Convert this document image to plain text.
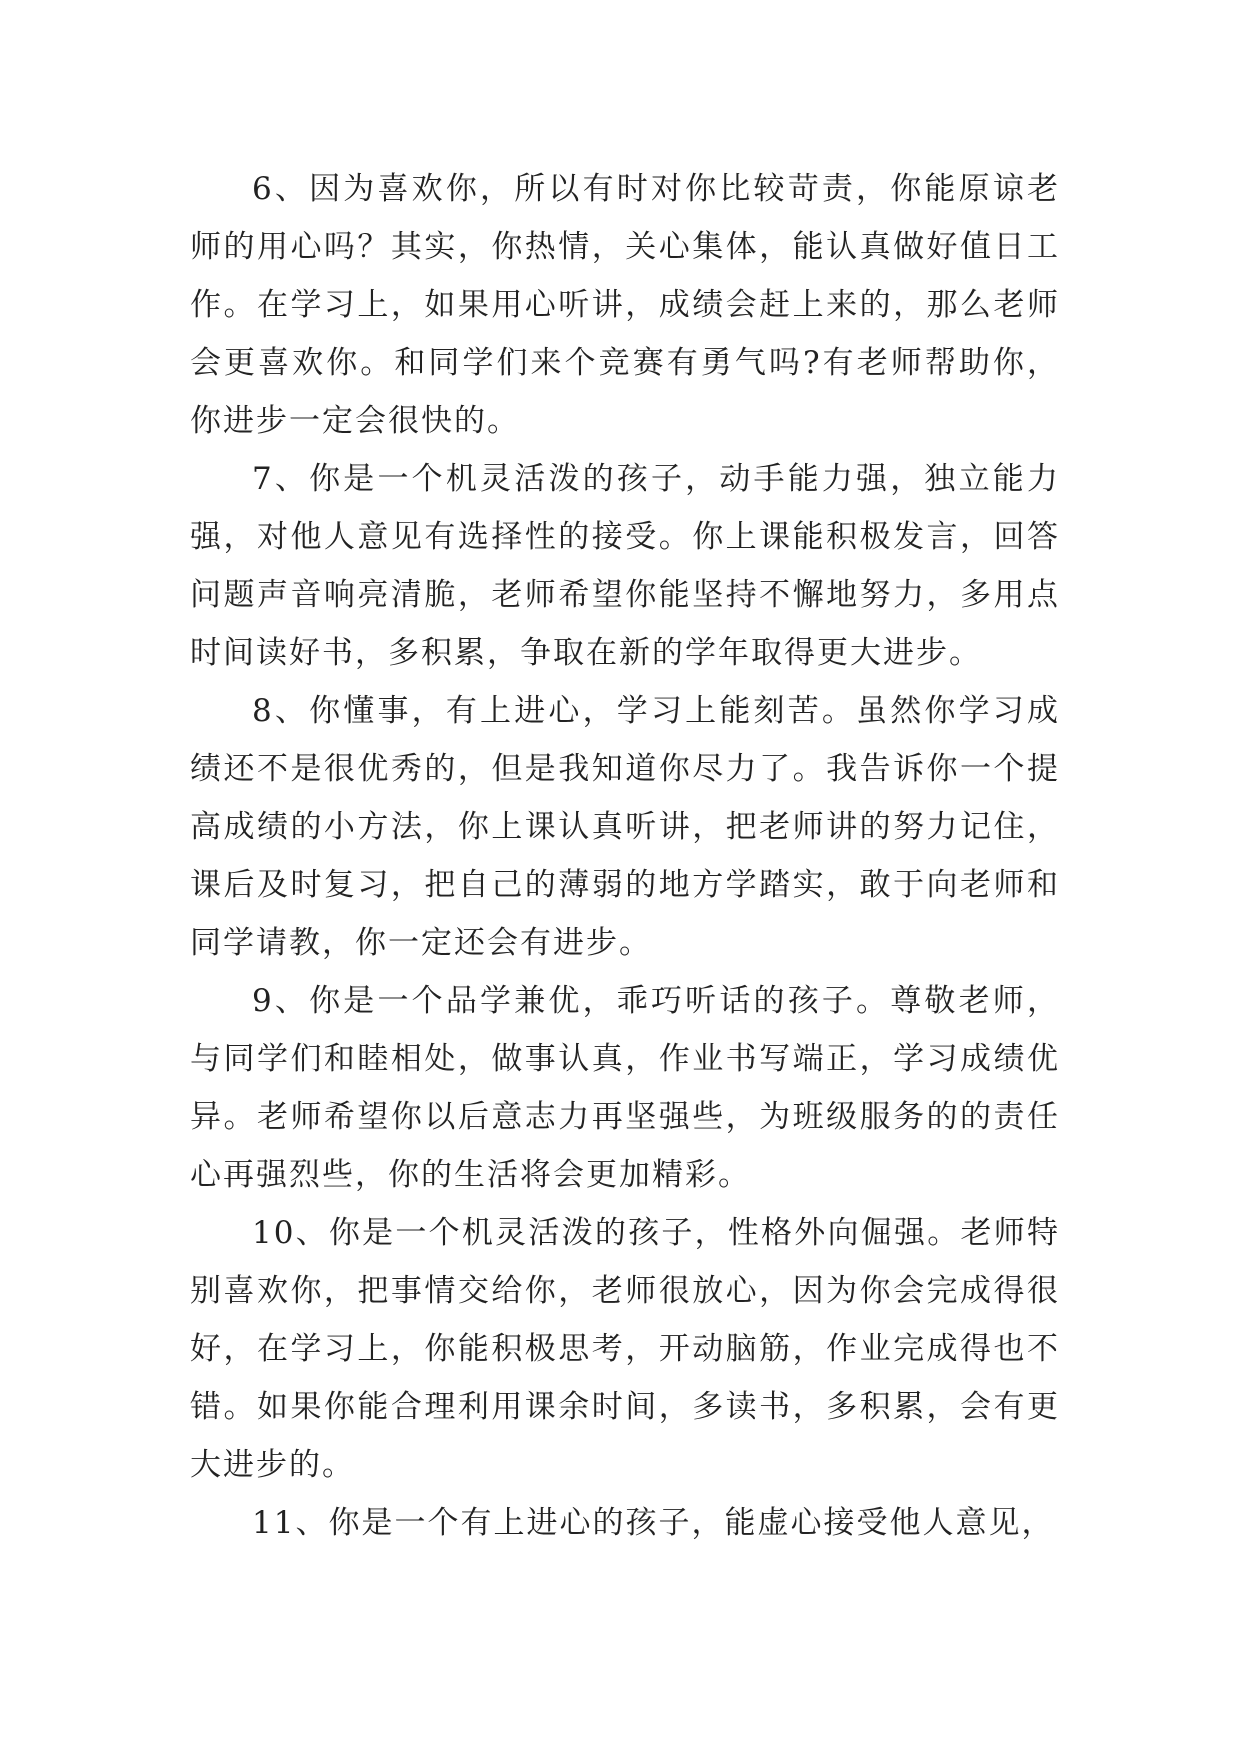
6、因为喜欢你，所以有时对你比较苛责，你能原谅老师的用心吗？其实，你热情，关心集体，能认真做好值日工作。在学习上，如果用心听讲，成绩会赶上来的，那么老师会更喜欢你。和同学们来个竞赛有勇气吗?有老师帮助你，你进步一定会很快的。

7、你是一个机灵活泼的孩子，动手能力强，独立能力强，对他人意见有选择性的接受。你上课能积极发言，回答问题声音响亮清脆，老师希望你能坚持不懈地努力，多用点时间读好书，多积累，争取在新的学年取得更大进步。

8、你懂事，有上进心，学习上能刻苦。虽然你学习成绩还不是很优秀的，但是我知道你尽力了。我告诉你一个提高成绩的小方法，你上课认真听讲，把老师讲的努力记住，课后及时复习，把自己的薄弱的地方学踏实，敢于向老师和同学请教，你一定还会有进步。

9、你是一个品学兼优，乖巧听话的孩子。尊敬老师，与同学们和睦相处，做事认真，作业书写端正，学习成绩优异。老师希望你以后意志力再坚强些，为班级服务的的责任心再强烈些，你的生活将会更加精彩。

10、你是一个机灵活泼的孩子，性格外向倔强。老师特别喜欢你，把事情交给你，老师很放心，因为你会完成得很好，在学习上，你能积极思考，开动脑筋，作业完成得也不错。如果你能合理利用课余时间，多读书，多积累，会有更大进步的。

11、你是一个有上进心的孩子，能虚心接受他人意见，
